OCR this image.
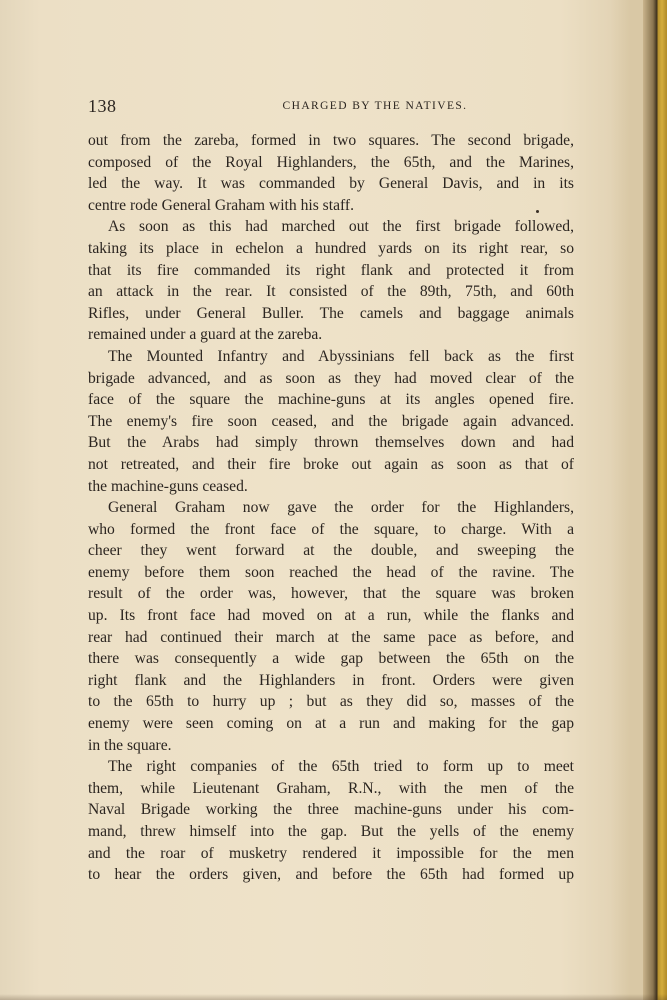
138	CHARGED BY THE NATIVES.
out from the zareba, formed in two squares. The second brigade,
composed of the Royal Highlanders, the 65th, and the Marines,
led the way. It was commanded by General Davis, and in its
centre rode General Graham with his staff.
As soon as this had marched out the first brigade followed,
taking its place in echelon a hundred yards on its right rear, so
that its fire commanded its right flank and protected it from
an attack in the rear. It consisted of the 89th, 75th, and 60th
Rifles, under General Buller. The camels and baggage animals
remained under a guard at the zareba.
The Mounted Infantry and Abyssinians fell back as the first
brigade advanced, and as soon as they had moved clear of the
face of the square the machine-guns at its angles opened fire.
The enemy's fire soon ceased, and the brigade again advanced.
But the Arabs had simply thrown themselves down and had
not retreated, and their fire broke out again as soon as that of
the machine-guns ceased.
General Graham now gave the order for the Highlanders,
who formed the front face of the square, to charge. With a
cheer they went forward at the double, and sweeping the
enemy before them soon reached the head of the ravine. The
result of the order was, however, that the square was broken
up. Its front face had moved on at a run, while the flanks and
rear had continued their march at the same pace as before, and
there was consequently a wide gap between the 65th on the
right flank and the Highlanders in front. Orders were given
to the 65th to hurry up ; but as they did so, masses of the
enemy were seen coming on at a run and making for the gap
in the square.
The right companies of the 65th tried to form up to meet
them, while Lieutenant Graham, R.N., with the men of the
Naval Brigade working the three machine-guns under his com-
mand, threw himself into the gap. But the yells of the enemy
and the roar of musketry rendered it impossible for the men
to hear the orders given, and before the 65th had formed up
